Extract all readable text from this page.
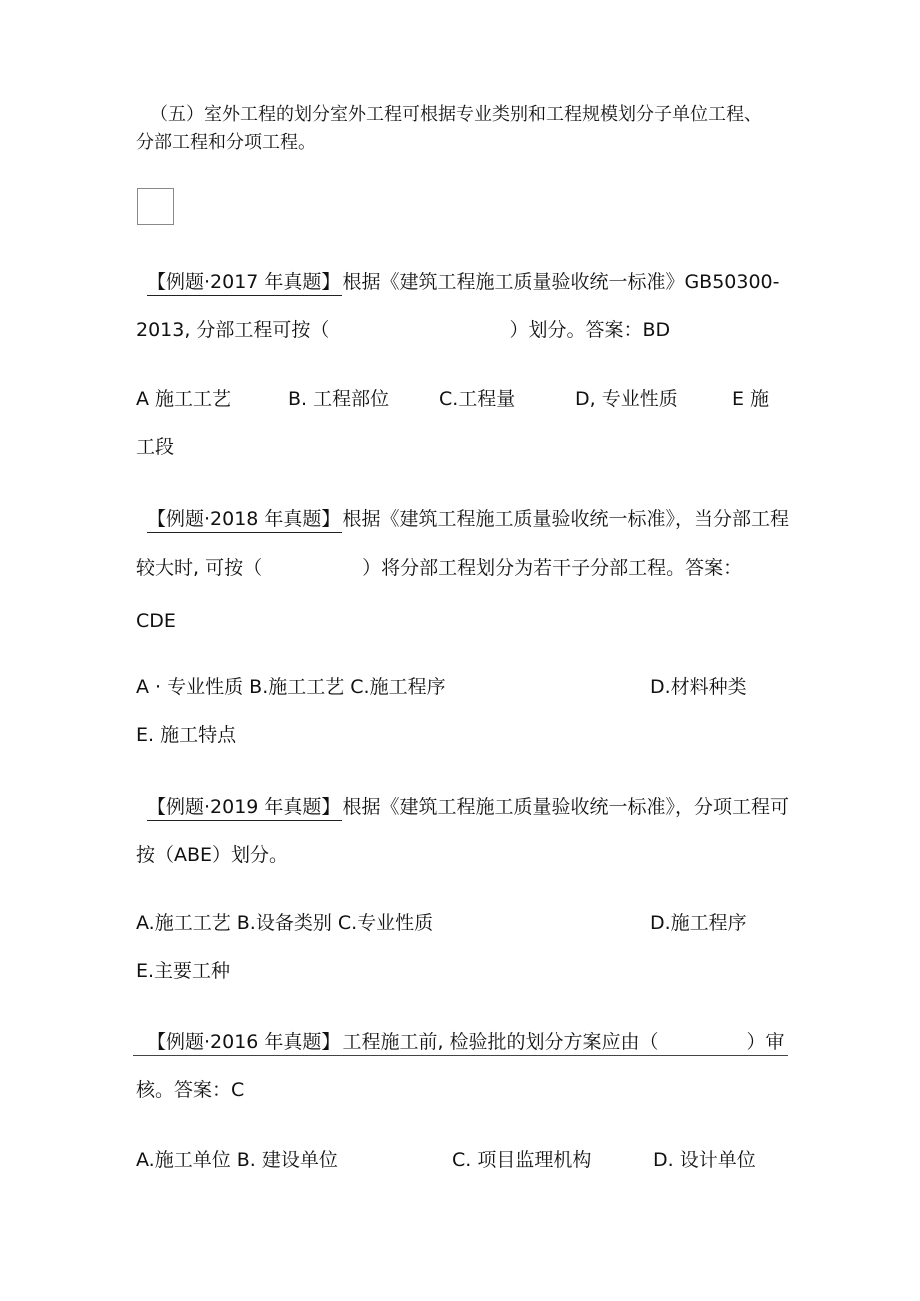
（五）室外工程的划分室外工程可根据专业类别和工程规模划分子单位工程、
分部工程和分项工程。
【例题·2017 年真题】 根据《建筑工程施工质量验收统一标准》GB50300-
2013, 分部工程可按（	）划分。答案：BD
A 施工工艺	B. 工程部位	C.工程量	D, 专业性质	E 施
工段
【例题·2018 年真题】 根据《建筑工程施工质量验收统一标准》，当分部工程
较大时, 可按（	）将分部工程划分为若干子分部工程。答案：
CDE
A · 专业性质 B.施工工艺 C.施工程序	D.材料种类
E. 施工特点
【例题·2019 年真题】 根据《建筑工程施工质量验收统一标准》，分项工程可
按（ABE）划分。
A.施工工艺 B.设备类别 C.专业性质	D.施工程序
E.主要工种
【例题·2016 年真题】 工程施工前, 检验批的划分方案应由（	）审
核。答案：C
A.施工单位 B. 建设单位	C. 项目监理机构	D. 设计单位
